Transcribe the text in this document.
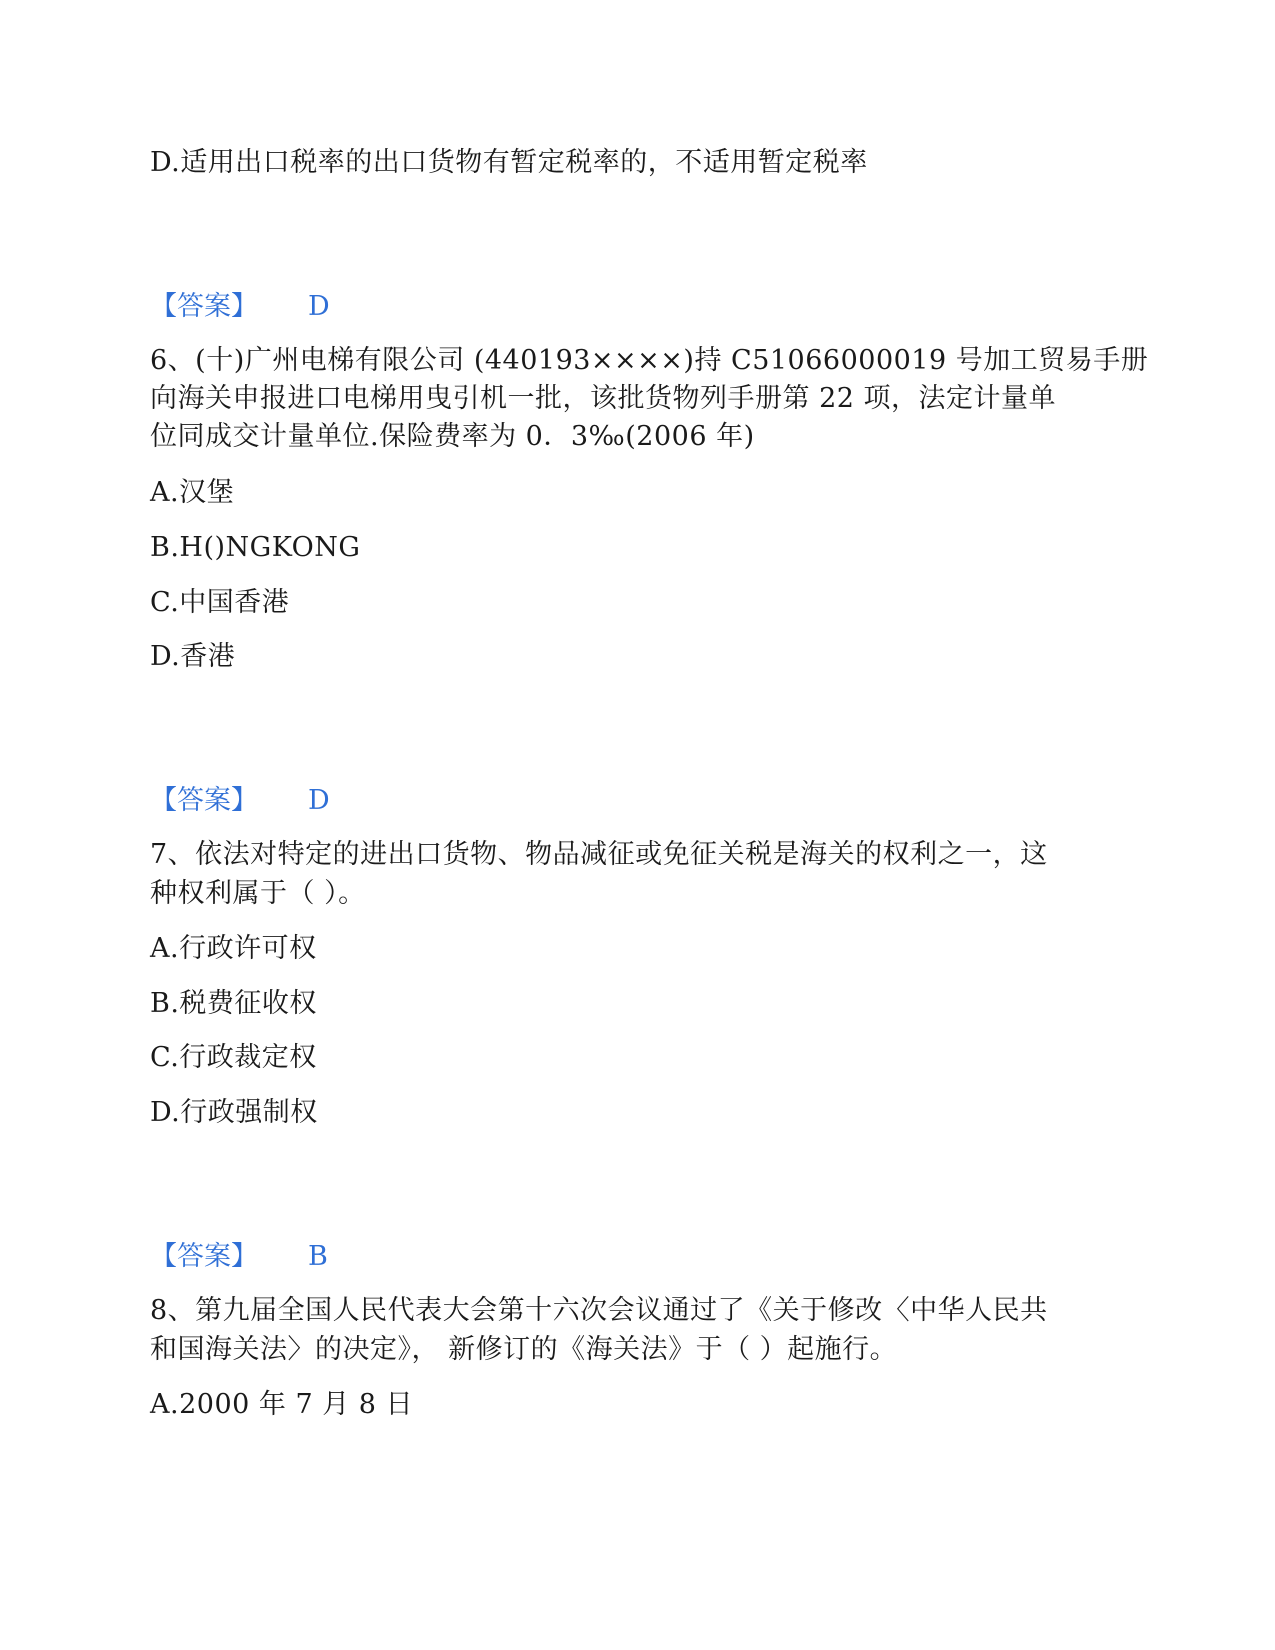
D.适用出口税率的出口货物有暂定税率的，不适用暂定税率
【答案】 D
6、(十)广州电梯有限公司 (440193××××)持 C51066000019 号加工贸易手册
向海关申报进口电梯用曳引机一批，该批货物列手册第 22 项，法定计量单
位同成交计量单位.保险费率为 0．3‰(2006 年)
A.汉堡
B.H()NGKONG
C.中国香港
D.香港
【答案】 D
7、依法对特定的进出口货物、物品减征或免征关税是海关的权利之一，这
种权利属于（ ）。
A.行政许可权
B.税费征收权
C.行政裁定权
D.行政强制权
【答案】 B
8、第九届全国人民代表大会第十六次会议通过了《关于修改〈中华人民共
和国海关法〉的决定》， 新修订的《海关法》于（ ）起施行。
A.2000 年 7 月 8 日
